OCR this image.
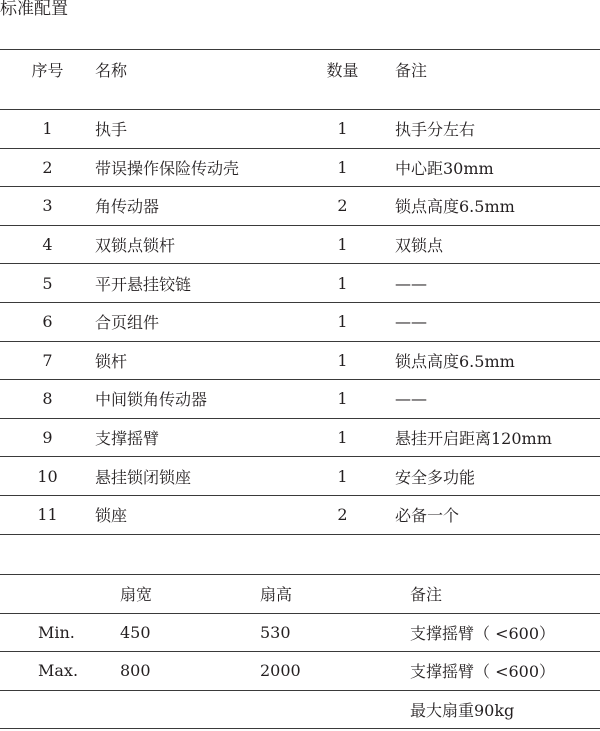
标准配置
序号	名称	数量	备注
1	执手	1	执手分左右
2	带误操作保险传动壳	1	中心距30mm
3	角传动器	2	锁点高度6.5mm
4	双锁点锁杆	1	双锁点
5	平开悬挂铰链	1	——
6	合页组件	1	——
7	锁杆	1	锁点高度6.5mm
8	中间锁角传动器	1	——
9	支撑摇臂	1	悬挂开启距离120mm
10	悬挂锁闭锁座	1	安全多功能
11	锁座	2	必备一个
	扇宽	扇高	备注
Min.	450	530	支撑摇臂（ <600）
Max.	800	2000	支撑摇臂（ <600）
			最大扇重90kg
